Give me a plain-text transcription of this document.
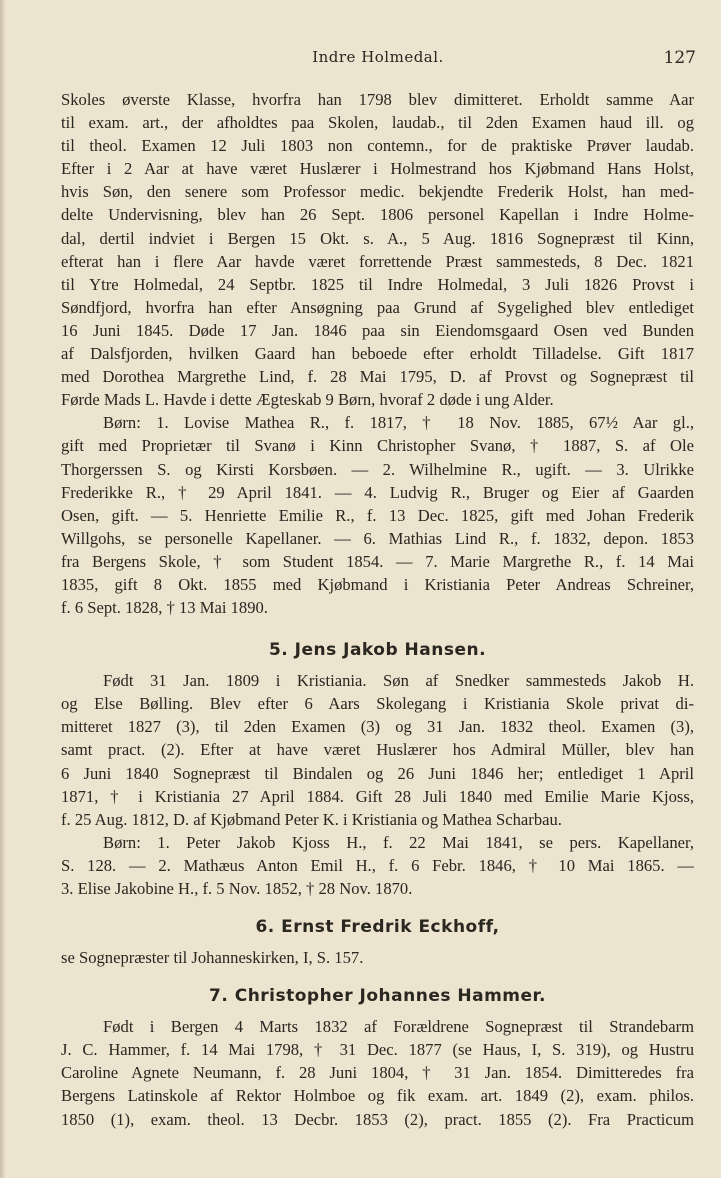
Indre Holmedal.	127
Skoles øverste Klasse, hvorfra han 1798 blev dimitteret. Erholdt samme Aar
til exam. art., der afholdtes paa Skolen, laudab., til 2den Examen haud ill. og
til theol. Examen 12 Juli 1803 non contemn., for de praktiske Prøver laudab.
Efter i 2 Aar at have været Huslærer i Holmestrand hos Kjøbmand Hans Holst,
hvis Søn, den senere som Professor medic. bekjendte Frederik Holst, han med-
delte Undervisning, blev han 26 Sept. 1806 personel Kapellan i Indre Holme-
dal, dertil indviet i Bergen 15 Okt. s. A., 5 Aug. 1816 Sognepræst til Kinn,
efterat han i flere Aar havde været forrettende Præst sammesteds, 8 Dec. 1821
til Ytre Holmedal, 24 Septbr. 1825 til Indre Holmedal, 3 Juli 1826 Provst i
Søndfjord, hvorfra han efter Ansøgning paa Grund af Sygelighed blev entlediget
16 Juni 1845. Døde 17 Jan. 1846 paa sin Eiendomsgaard Osen ved Bunden
af Dalsfjorden, hvilken Gaard han beboede efter erholdt Tilladelse. Gift 1817
med Dorothea Margrethe Lind, f. 28 Mai 1795, D. af Provst og Sognepræst til
Førde Mads L. Havde i dette Ægteskab 9 Børn, hvoraf 2 døde i ung Alder.
Børn: 1. Lovise Mathea R., f. 1817, † 18 Nov. 1885, 67½ Aar gl.,
gift med Proprietær til Svanø i Kinn Christopher Svanø, † 1887, S. af Ole
Thorgerssen S. og Kirsti Korsbøen. — 2. Wilhelmine R., ugift. — 3. Ulrikke
Frederikke R., † 29 April 1841. — 4. Ludvig R., Bruger og Eier af Gaarden
Osen, gift. — 5. Henriette Emilie R., f. 13 Dec. 1825, gift med Johan Frederik
Willgohs, se personelle Kapellaner. — 6. Mathias Lind R., f. 1832, depon. 1853
fra Bergens Skole, † som Student 1854. — 7. Marie Margrethe R., f. 14 Mai
1835, gift 8 Okt. 1855 med Kjøbmand i Kristiania Peter Andreas Schreiner,
f. 6 Sept. 1828, † 13 Mai 1890.
5. Jens Jakob Hansen.
Født 31 Jan. 1809 i Kristiania. Søn af Snedker sammesteds Jakob H.
og Else Bølling. Blev efter 6 Aars Skolegang i Kristiania Skole privat di-
mitteret 1827 (3), til 2den Examen (3) og 31 Jan. 1832 theol. Examen (3),
samt pract. (2). Efter at have været Huslærer hos Admiral Müller, blev han
6 Juni 1840 Sognepræst til Bindalen og 26 Juni 1846 her; entlediget 1 April
1871, † i Kristiania 27 April 1884. Gift 28 Juli 1840 med Emilie Marie Kjoss,
f. 25 Aug. 1812, D. af Kjøbmand Peter K. i Kristiania og Mathea Scharbau.
Børn: 1. Peter Jakob Kjoss H., f. 22 Mai 1841, se pers. Kapellaner,
S. 128. — 2. Mathæus Anton Emil H., f. 6 Febr. 1846, † 10 Mai 1865. —
3. Elise Jakobine H., f. 5 Nov. 1852, † 28 Nov. 1870.
6. Ernst Fredrik Eckhoff,
se Sognepræster til Johanneskirken, I, S. 157.
7. Christopher Johannes Hammer.
Født i Bergen 4 Marts 1832 af Forældrene Sognepræst til Strandebarm
J. C. Hammer, f. 14 Mai 1798, † 31 Dec. 1877 (se Haus, I, S. 319), og Hustru
Caroline Agnete Neumann, f. 28 Juni 1804, † 31 Jan. 1854. Dimitteredes fra
Bergens Latinskole af Rektor Holmboe og fik exam. art. 1849 (2), exam. philos.
1850 (1), exam. theol. 13 Decbr. 1853 (2), pract. 1855 (2). Fra Practicum
